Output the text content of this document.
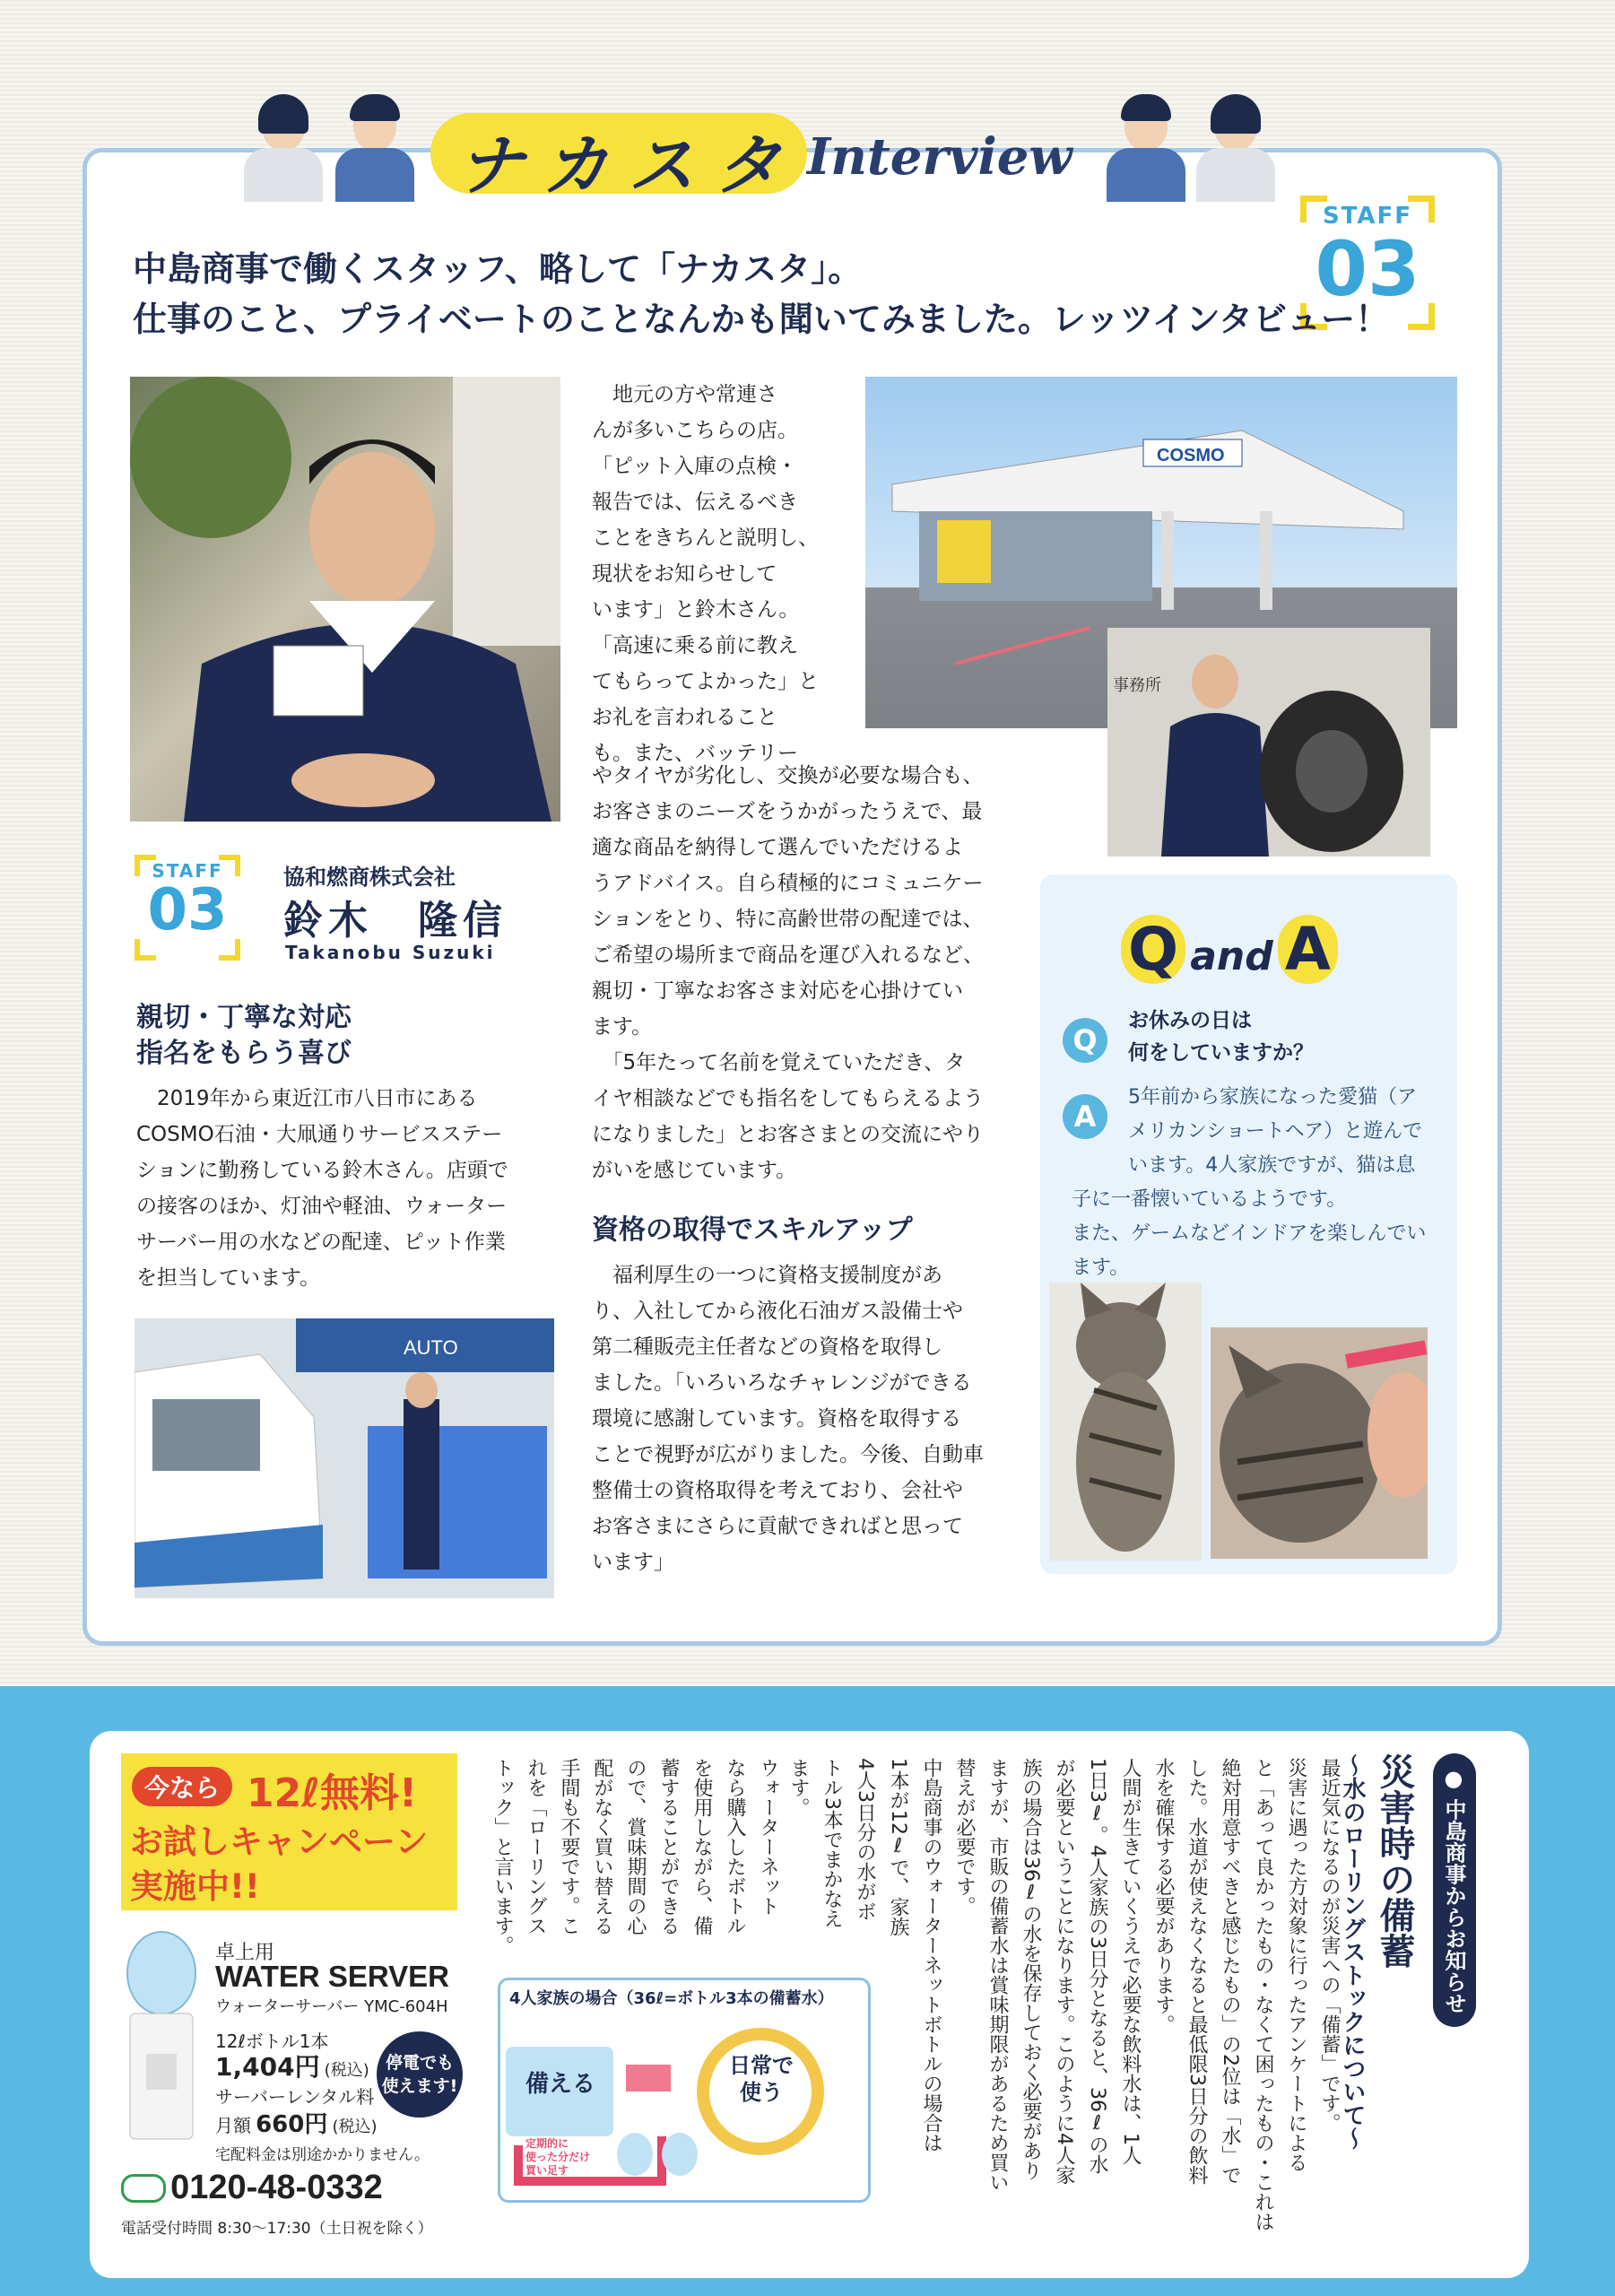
ナカスタ Interview
STAFF
03
中島商事で働くスタッフ、略して「ナカスタ」。
仕事のこと、プライベートのことなんかも聞いてみました。レッツインタビュー！
STAFF
03	協和燃商株式会社
鈴木　隆信
Takanobu Suzuki
親切・丁寧な対応
指名をもらう喜び
　2019年から東近江市八日市にある
COSMO石油・大凧通りサービスステー
ションに勤務している鈴木さん。店頭で
の接客のほか、灯油や軽油、ウォーター
サーバー用の水などの配達、ピット作業
を担当しています。
AUTO
　地元の方や常連さ
んが多いこちらの店。
「ピット入庫の点検・
報告では、伝えるべき
ことをきちんと説明し、
現状をお知らせして
います」と鈴木さん。
「高速に乗る前に教え
てもらってよかった」と
お礼を言われること
も。また、バッテリー
やタイヤが劣化し、交換が必要な場合も、
お客さまのニーズをうかがったうえで、最
適な商品を納得して選んでいただけるよ
うアドバイス。自ら積極的にコミュニケー
ションをとり、特に高齢世帯の配達では、
ご希望の場所まで商品を運び入れるなど、
親切・丁寧なお客さま対応を心掛けてい
ます。
　「5年たって名前を覚えていただき、タ
イヤ相談などでも指名をしてもらえるよう
になりました」とお客さまとの交流にやり
がいを感じています。
資格の取得でスキルアップ
　福利厚生の一つに資格支援制度があ
り、入社してから液化石油ガス設備士や
第二種販売主任者などの資格を取得し
ました。「いろいろなチャレンジができる
環境に感謝しています。資格を取得する
ことで視野が広がりました。今後、自動車
整備士の資格取得を考えており、会社や
お客さまにさらに貢献できればと思って
います」
COSMO
事務所
Q and A
Q
お休みの日は
何をしていますか？
A
5年前から家族になった愛猫（ア
メリカンショートヘア）と遊んで
います。4人家族ですが、猫は息
子に一番懐いているようです。
また、ゲームなどインドアを楽しんでい
ます。
今なら 12ℓ無料!
お試しキャンペーン
実施中!!
卓上用
WATER SERVER
ウォーターサーバー YMC-604H
12ℓボトル1本
1,404円 (税込)
サーバーレンタル料
月額 660円 (税込)
停電でも
使えます!
宅配料金は別途かかりません。
0120-48-0332
電話受付時間 8:30〜17:30（土日祝を除く）
● 中島商事からお知らせ
災害時の備蓄
〜水のローリングストックについて〜
最近気になるのが災害への「備蓄」です。
災害に遇った方対象に行ったアンケートによる
と「あって良かったもの・なくて困ったもの・これは
絶対用意すべきと感じたもの」の2位は「水」で
した。水道が使えなくなると最低限3日分の飲料
水を確保する必要があります。
人間が生きていくうえで必要な飲料水は、1人
1日3ℓ。4人家族の3日分となると、36ℓの水
が必要ということになります。このように4人家
族の場合は36ℓの水を保存しておく必要があり
ますが、市販の備蓄水は賞味期限があるため買い
替えが必要です。
中島商事のウォーターネットボトルの場合は
1本が12ℓで、家族
4人3日分の水がボ
トル3本でまかなえ
ます。
ウォーターネット
なら購入したボトル
を使用しながら、備
蓄することができる
ので、賞味期間の心
配がなく買い替える
手間も不要です。こ
れを「ローリングス
トック」と言います。
4人家族の場合（36ℓ=ボトル3本の備蓄水）
備える
日常で
使う
定期的に
使った分だけ
買い足す
